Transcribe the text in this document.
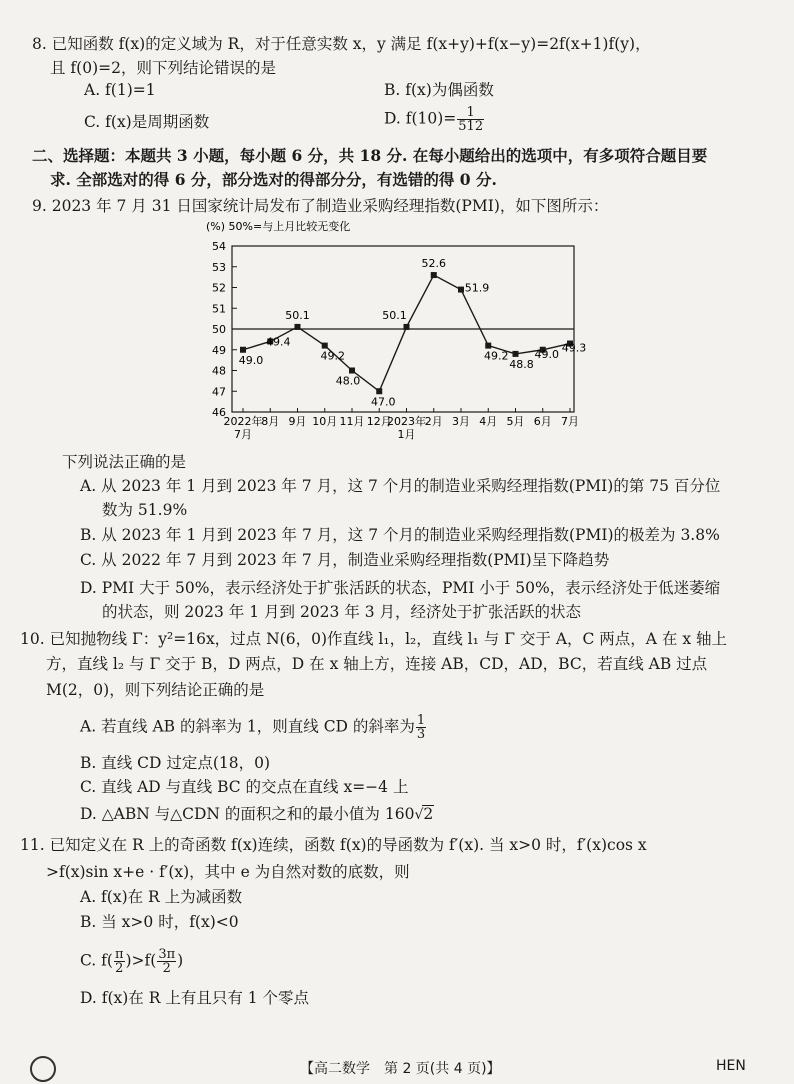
8. 已知函数 f(x)的定义域为 R，对于任意实数 x，y 满足 f(x+y)+f(x−y)=2f(x+1)f(y)，
且 f(0)=2，则下列结论错误的是
A. f(1)=1	B. f(x)为偶函数
C. f(x)是周期函数	D. $f(10)= \frac{1}{512}$
二、选择题：本题共 3 小题，每小题 6 分，共 18 分. 在每小题给出的选项中，有多项符合题目要
求. 全部选对的得 6 分，部分选对的得部分分，有选错的得 0 分.
9. 2023 年 7 月 31 日国家统计局发布了制造业采购经理指数(PMI)，如下图所示：
(%) 50%=与上月比较无变化
54
53
52
51
50
49
48
47
46
2022年
7月
8月 9月 10月 11月 12月
2023年
1月
2月 3月 4月 5月 6月 7月
49.0
49.4
50.1
49.2
48.0
47.0
50.1
52.6
51.9
49.2
48.8
49.0 49.3
下列说法正确的是
A. 从 2023 年 1 月到 2023 年 7 月，这 7 个月的制造业采购经理指数(PMI)的第 75 百分位
数为 51.9%
B. 从 2023 年 1 月到 2023 年 7 月，这 7 个月的制造业采购经理指数(PMI)的极差为 3.8%
C. 从 2022 年 7 月到 2023 年 7 月，制造业采购经理指数(PMI)呈下降趋势
D. PMI 大于 50%，表示经济处于扩张活跃的状态，PMI 小于 50%，表示经济处于低迷萎缩
的状态，则 2023 年 1 月到 2023 年 3 月，经济处于扩张活跃的状态
10. 已知抛物线 Γ：y²=16x，过点 N(6，0)作直线 l₁，l₂，直线 l₁ 与 Γ 交于 A，C 两点，A 在 x 轴上
方，直线 l₂ 与 Γ 交于 B，D 两点，D 在 x 轴上方，连接 AB，CD，AD，BC，若直线 AB 过点
M(2，0)，则下列结论正确的是
A. 若直线 AB 的斜率为 1，则直线 CD 的斜率为 $\frac{1}{3}$
B. 直线 CD 过定点(18，0)
C. 直线 AD 与直线 BC 的交点在直线 x=−4 上
D. △ABN 与△CDN 的面积之和的最小值为 160√2
11. 已知定义在 R 上的奇函数 f(x)连续，函数 f(x)的导函数为 f′(x). 当 x>0 时，f′(x)cos x
>f(x)sin x+e · f′(x)，其中 e 为自然对数的底数，则
A. f(x)在 R 上为减函数
B. 当 x>0 时，f(x)<0
C. $f( \frac{\pi}{2} )>f( \frac{3\pi}{2}$ )
D. f(x)在 R 上有且只有 1 个零点
【高二数学　第 2 页(共 4 页)】	HEN
